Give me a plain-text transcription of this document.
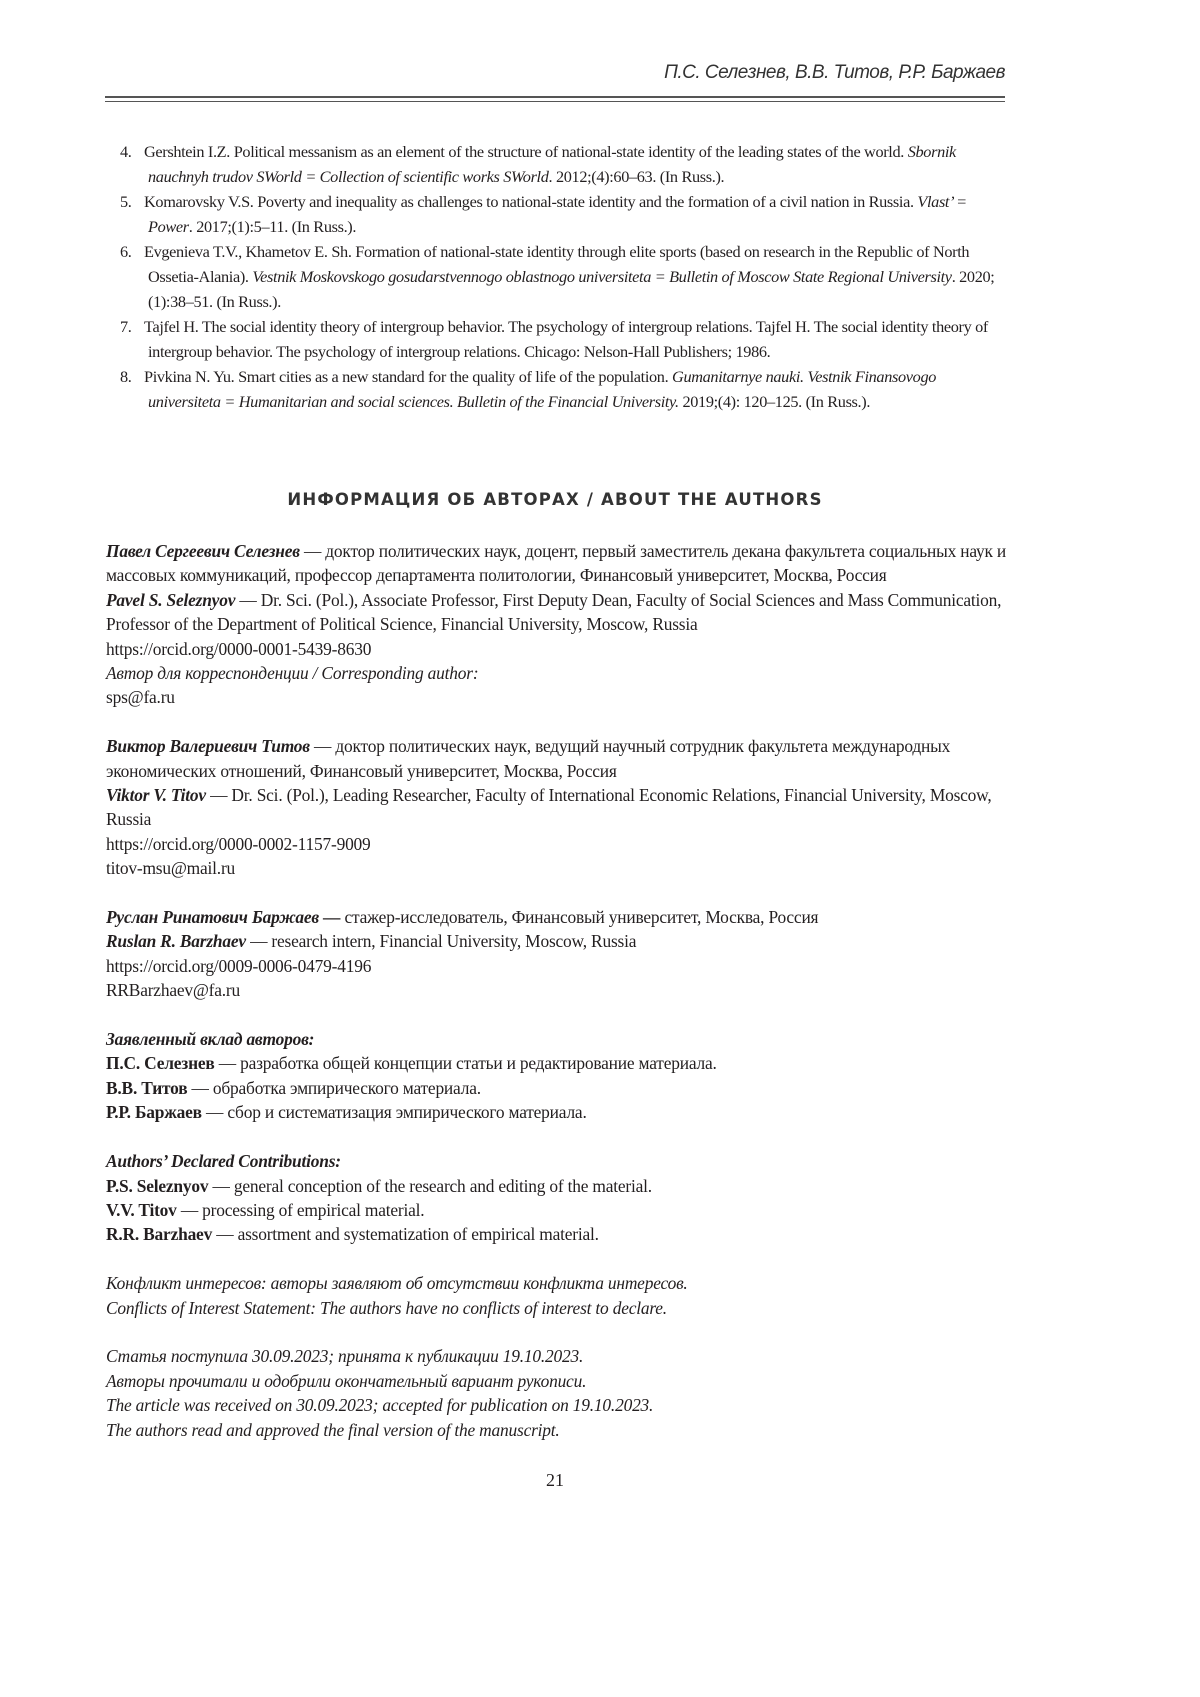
П.С. Селезнев, В.В. Титов, Р.Р. Баржаев
4. Gershtein I.Z. Political messanism as an element of the structure of national-state identity of the leading states of the world. Sbornik nauchnyh trudov SWorld = Collection of scientific works SWorld. 2012;(4):60–63. (In Russ.).
5. Komarovsky V.S. Poverty and inequality as challenges to national-state identity and the formation of a civil nation in Russia. Vlast’ = Power. 2017;(1):5–11. (In Russ.).
6. Evgenieva T.V., Khametov E. Sh. Formation of national-state identity through elite sports (based on research in the Republic of North Ossetia-Alania). Vestnik Moskovskogo gosudarstvennogo oblastnogo universiteta = Bulletin of Moscow State Regional University. 2020;(1):38–51. (In Russ.).
7. Tajfel H. The social identity theory of intergroup behavior. The psychology of intergroup relations. Tajfel H. The social identity theory of intergroup behavior. The psychology of intergroup relations. Chicago: Nelson-Hall Publishers; 1986.
8. Pivkina N. Yu. Smart cities as a new standard for the quality of life of the population. Gumanitarnye nauki. Vestnik Finansovogo universiteta = Humanitarian and social sciences. Bulletin of the Financial University. 2019;(4): 120–125. (In Russ.).
ИНФОРМАЦИЯ ОБ АВТОРАХ / ABOUT THE AUTHORS
Павел Сергеевич Селезнев — доктор политических наук, доцент, первый заместитель декана факультета социальных наук и массовых коммуникаций, профессор департамента политологии, Финансовый университет, Москва, Россия
Pavel S. Seleznyov — Dr. Sci. (Pol.), Associate Professor, First Deputy Dean, Faculty of Social Sciences and Mass Communication, Professor of the Department of Political Science, Financial University, Moscow, Russia
https://orcid.org/0000-0001-5439-8630
Автор для корреспонденции / Corresponding author:
sps@fa.ru
Виктор Валериевич Титов — доктор политических наук, ведущий научный сотрудник факультета международных экономических отношений, Финансовый университет, Москва, Россия
Viktor V. Titov — Dr. Sci. (Pol.), Leading Researcher, Faculty of International Economic Relations, Financial University, Moscow, Russia
https://orcid.org/0000-0002-1157-9009
titov-msu@mail.ru
Руслан Ринатович Баржаев — стажер-исследователь, Финансовый университет, Москва, Россия
Ruslan R. Barzhaev — research intern, Financial University, Moscow, Russia
https://orcid.org/0009-0006-0479-4196
RRBarzhaev@fa.ru
Заявленный вклад авторов:
П.С. Селезнев — разработка общей концепции статьи и редактирование материала.
В.В. Титов — обработка эмпирического материала.
Р.Р. Баржаев — сбор и систематизация эмпирического материала.
Authors’ Declared Contributions:
P.S. Seleznyov — general conception of the research and editing of the material.
V.V. Titov — processing of empirical material.
R.R. Barzhaev — assortment and systematization of empirical material.
Конфликт интересов: авторы заявляют об отсутствии конфликта интересов.
Conflicts of Interest Statement: The authors have no conflicts of interest to declare.
Статья поступила 30.09.2023; принята к публикации 19.10.2023.
Авторы прочитали и одобрили окончательный вариант рукописи.
The article was received on 30.09.2023; accepted for publication on 19.10.2023.
The authors read and approved the final version of the manuscript.
21
